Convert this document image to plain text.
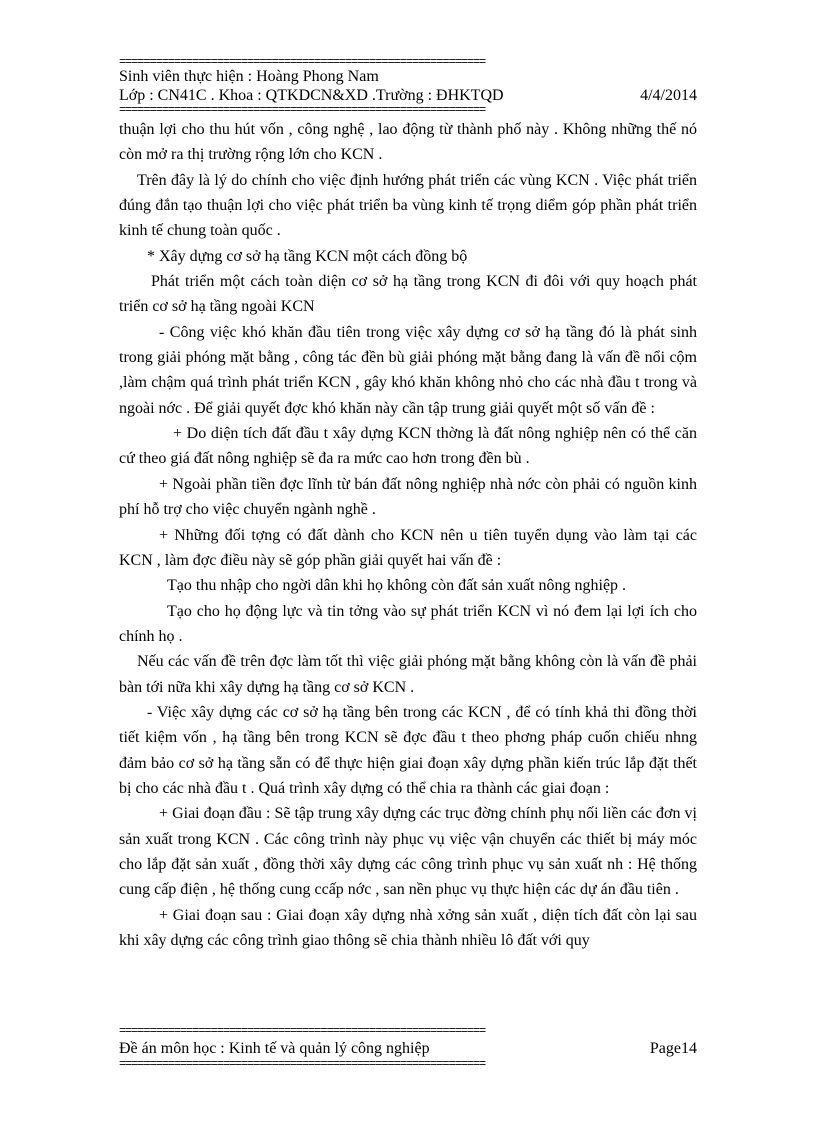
============================================================
Sinh viên thực hiện : Hoàng Phong Nam
Lớp : CN41C . Khoa : QTKDCN&XD .Trường : ĐHKTQD	4/4/2014
============================================================

thuận lợi cho thu hút vốn , công nghệ , lao động từ thành phố này . Không những thế nó còn mở ra thị trường rộng lớn cho KCN .

Trên đây là lý do chính cho việc định hướng phát triển các vùng KCN . Việc phát triển đúng đắn tạo thuận lợi cho việc phát triển ba vùng kinh tế trọng diểm góp phần phát triển kinh tế chung toàn quốc .

* Xây dựng cơ sở hạ tầng KCN một cách đồng bộ

Phát triển một cách toàn diện cơ sở hạ tầng trong KCN đi đôi với quy hoạch phát triển cơ sở hạ tầng ngoài KCN

- Công việc khó khăn đầu tiên trong việc xây dựng cơ sở hạ tầng đó là phát sinh trong giải phóng mặt bằng , công tác đền bù giải phóng mặt bằng đang là vấn đề nổi cộm ,làm chậm quá trình phát triển KCN , gây khó khăn không nhỏ cho các nhà đầu t trong và ngoài nớc . Để giải quyết đợc khó khăn này cần tập trung giải quyết một số vấn đề :

+ Do diện tích đất đầu t xây dựng KCN thờng là đất nông nghiệp nên có thể căn cứ theo giá đất nông nghiệp sẽ đa ra mức cao hơn trong đền bù .

+ Ngoài phần tiền đợc lĩnh từ bán đất nông nghiệp nhà nớc còn phải có nguồn kinh phí hỗ trợ cho việc chuyển ngành nghề .

+ Những đối tợng có đất dành cho KCN nên u tiên tuyển dụng vào làm tại các KCN , làm đợc điều này sẽ góp phần giải quyết hai vấn đề :

Tạo thu nhập cho ngời dân khi họ không còn đất sản xuất nông nghiệp .

Tạo cho họ động lực và tin tởng vào sự phát triển KCN vì nó đem lại lợi ích cho chính họ .

Nếu các vấn đề trên đợc làm tốt thì việc giải phóng mặt bằng không còn là vấn đề phải bàn tới nữa khi xây dựng hạ tầng cơ sở KCN .

- Việc xây dựng các cơ sở hạ tầng bên trong các KCN , để có tính khả thi đồng thời tiết kiệm vốn , hạ tầng bên trong KCN sẽ đợc đầu t theo phơng pháp cuốn chiếu nhng đảm bảo cơ sở hạ tầng sẵn có để thực hiện giai đoạn xây dựng phần kiến trúc lắp đặt thết bị cho các nhà đầu t . Quá trình xây dựng có thể chia ra thành các giai đoạn :

+ Giai đoạn đầu : Sẽ tập trung xây dựng các trục đờng chính phụ nối liền các đơn vị sản xuất trong KCN . Các công trình này phục vụ việc vận chuyển các thiết bị máy móc cho lắp đặt sản xuất , đồng thời xây dựng các công trình phục vụ sản xuất nh : Hệ thống cung cấp điện , hệ thống cung ccấp nớc , san nền phục vụ thực hiện các dự án đầu tiên .

+ Giai đoạn sau : Giai đoạn xây dựng nhà xởng sản xuất , diện tích đất còn lại sau khi xây dựng các công trình giao thông sẽ chia thành nhiều lô đất với quy

============================================================
Đề án môn học : Kinh tế và quản lý công nghiệp	Page14
============================================================
